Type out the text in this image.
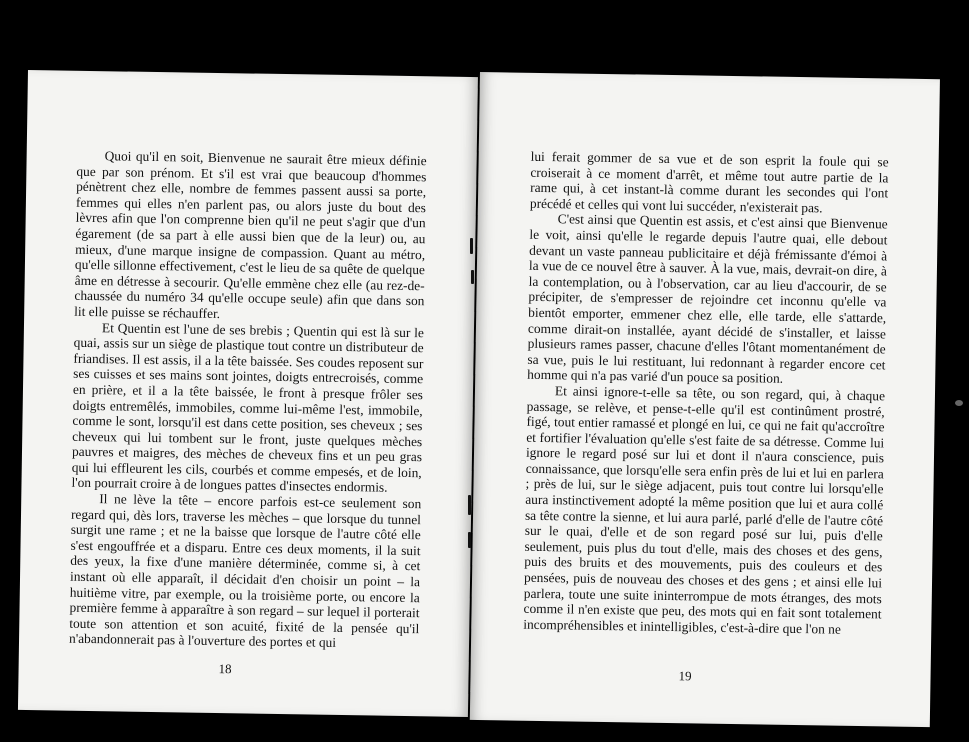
Quoi qu'il en soit, Bienvenue ne saurait être mieux définie que par son prénom. Et s'il est vrai que beaucoup d'hommes pénètrent chez elle, nombre de femmes passent aussi sa porte, femmes qui elles n'en parlent pas, ou alors juste du bout des lèvres afin que l'on comprenne bien qu'il ne peut s'agir que d'un égarement (de sa part à elle aussi bien que de la leur) ou, au mieux, d'une marque insigne de compassion. Quant au métro, qu'elle sillonne effectivement, c'est le lieu de sa quête de quelque âme en détresse à secourir. Qu'elle emmène chez elle (au rez-de-chaussée du numéro 34 qu'elle occupe seule) afin que dans son lit elle puisse se réchauffer.

Et Quentin est l'une de ses brebis ; Quentin qui est là sur le quai, assis sur un siège de plastique tout contre un distributeur de friandises. Il est assis, il a la tête baissée. Ses coudes reposent sur ses cuisses et ses mains sont jointes, doigts entrecroisés, comme en prière, et il a la tête baissée, le front à presque frôler ses doigts entremêlés, immobiles, comme lui-même l'est, immobile, comme le sont, lorsqu'il est dans cette position, ses cheveux ; ses cheveux qui lui tombent sur le front, juste quelques mèches pauvres et maigres, des mèches de cheveux fins et un peu gras qui lui effleurent les cils, courbés et comme empesés, et de loin, l'on pourrait croire à de longues pattes d'insectes endormis.

Il ne lève la tête – encore parfois est-ce seulement son regard qui, dès lors, traverse les mèches – que lorsque du tunnel surgit une rame ; et ne la baisse que lorsque de l'autre côté elle s'est engouffrée et a disparu. Entre ces deux moments, il la suit des yeux, la fixe d'une manière déterminée, comme si, à cet instant où elle apparaît, il décidait d'en choisir un point – la huitième vitre, par exemple, ou la troisième porte, ou encore la première femme à apparaître à son regard – sur lequel il porterait toute son attention et son acuité, fixité de la pensée qu'il n'abandonnerait pas à l'ouverture des portes et qui

18

lui ferait gommer de sa vue et de son esprit la foule qui se croiserait à ce moment d'arrêt, et même tout autre partie de la rame qui, à cet instant-là comme durant les secondes qui l'ont précédé et celles qui vont lui succéder, n'existerait pas.

C'est ainsi que Quentin est assis, et c'est ainsi que Bienvenue le voit, ainsi qu'elle le regarde depuis l'autre quai, elle debout devant un vaste panneau publicitaire et déjà frémissante d'émoi à la vue de ce nouvel être à sauver. À la vue, mais, devrait-on dire, à la contemplation, ou à l'observation, car au lieu d'accourir, de se précipiter, de s'empresser de rejoindre cet inconnu qu'elle va bientôt emporter, emmener chez elle, elle tarde, elle s'attarde, comme dirait-on installée, ayant décidé de s'installer, et laisse plusieurs rames passer, chacune d'elles l'ôtant momentanément de sa vue, puis le lui restituant, lui redonnant à regarder encore cet homme qui n'a pas varié d'un pouce sa position.

Et ainsi ignore-t-elle sa tête, ou son regard, qui, à chaque passage, se relève, et pense-t-elle qu'il est continûment prostré, figé, tout entier ramassé et plongé en lui, ce qui ne fait qu'accroître et fortifier l'évaluation qu'elle s'est faite de sa détresse. Comme lui ignore le regard posé sur lui et dont il n'aura conscience, puis connaissance, que lorsqu'elle sera enfin près de lui et lui en parlera ; près de lui, sur le siège adjacent, puis tout contre lui lorsqu'elle aura instinctivement adopté la même position que lui et aura collé sa tête contre la sienne, et lui aura parlé, parlé d'elle de l'autre côté sur le quai, d'elle et de son regard posé sur lui, puis d'elle seulement, puis plus du tout d'elle, mais des choses et des gens, puis des bruits et des mouvements, puis des couleurs et des pensées, puis de nouveau des choses et des gens ; et ainsi elle lui parlera, toute une suite ininterrompue de mots étranges, des mots comme il n'en existe que peu, des mots qui en fait sont totalement incompréhensibles et inintelligibles, c'est-à-dire que l'on ne

19
